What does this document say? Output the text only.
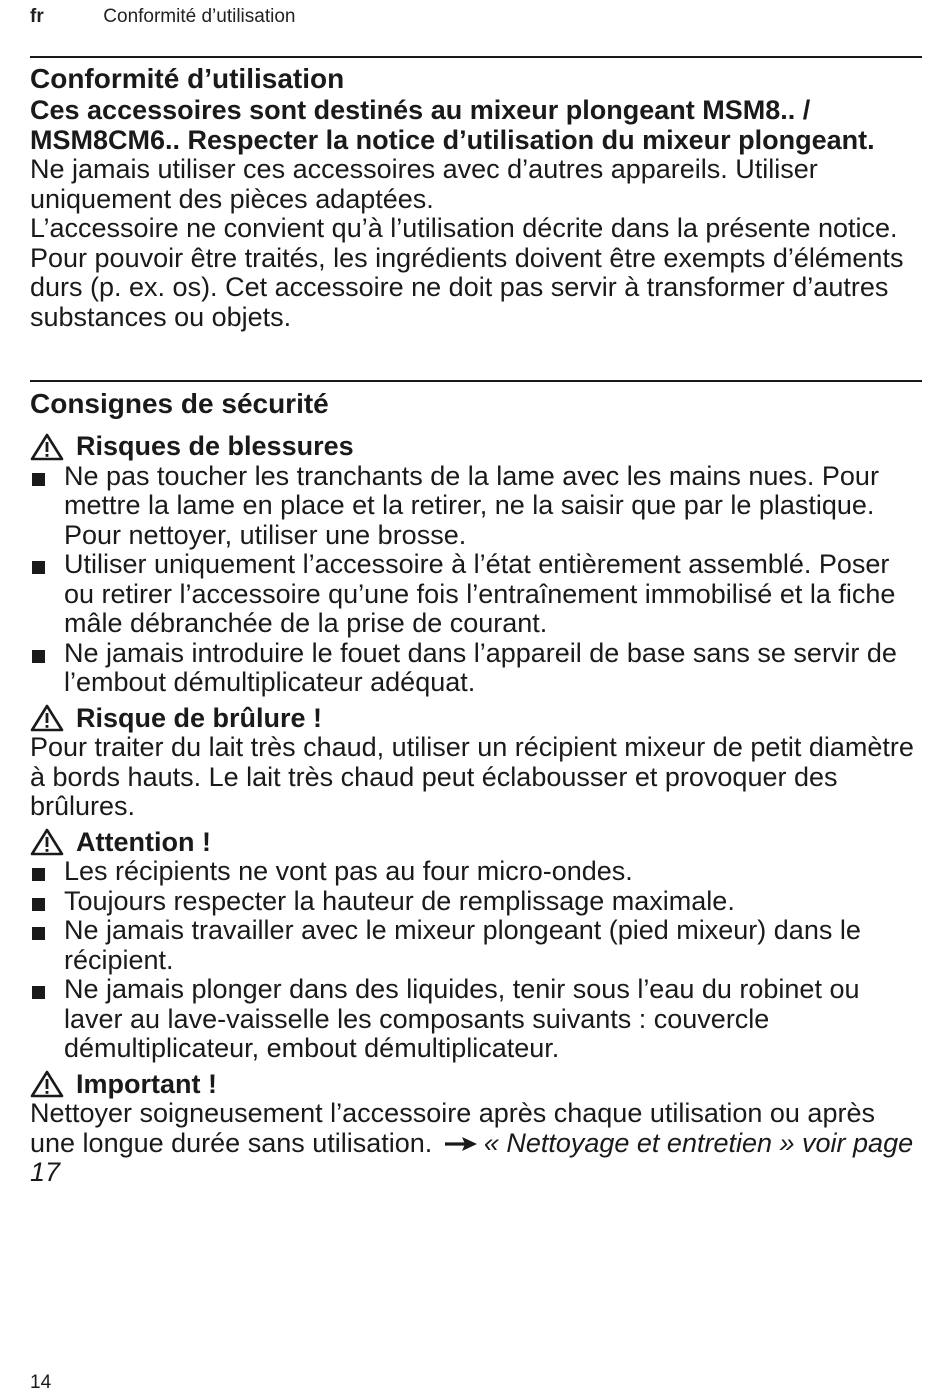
fr	Conformité d’utilisation
Conformité d’utilisation

Ces accessoires sont destinés au mixeur plongeant MSM8.. / MSM8CM6.. Respecter la notice d’utilisation du mixeur plongeant.

Ne jamais utiliser ces accessoires avec d’autres appareils. Utiliser uniquement des pièces adaptées.

L’accessoire ne convient qu’à l’utilisation décrite dans la présente notice. Pour pouvoir être traités, les ingrédients doivent être exempts d’éléments durs (p. ex. os). Cet accessoire ne doit pas servir à transformer d’autres substances ou objets.

Consignes de sécurité
Risques de blessures
Ne pas toucher les tranchants de la lame avec les mains nues. Pour mettre la lame en place et la retirer, ne la saisir que par le plastique. Pour nettoyer, utiliser une brosse.
Utiliser uniquement l’accessoire à l’état entièrement assemblé. Poser ou retirer l’accessoire qu’une fois l’entraînement immobilisé et la fiche mâle débranchée de la prise de courant.
Ne jamais introduire le fouet dans l’appareil de base sans se servir de l’embout démultiplicateur adéquat.
Risque de brûlure !

Pour traiter du lait très chaud, utiliser un récipient mixeur de petit diamètre à bords hauts. Le lait très chaud peut éclabousser et provoquer des brûlures.

Attention !
Les récipients ne vont pas au four micro-ondes.
Toujours respecter la hauteur de remplissage maximale.
Ne jamais travailler avec le mixeur plongeant (pied mixeur) dans le récipient.
Ne jamais plonger dans des liquides, tenir sous l’eau du robinet ou laver au lave-vaisselle les composants suivants : couvercle démultiplicateur, embout démultiplicateur.
Important !

Nettoyer soigneusement l’accessoire après chaque utilisation ou après une longue durée sans utilisation. « Nettoyage et entretien » voir page 17

14
